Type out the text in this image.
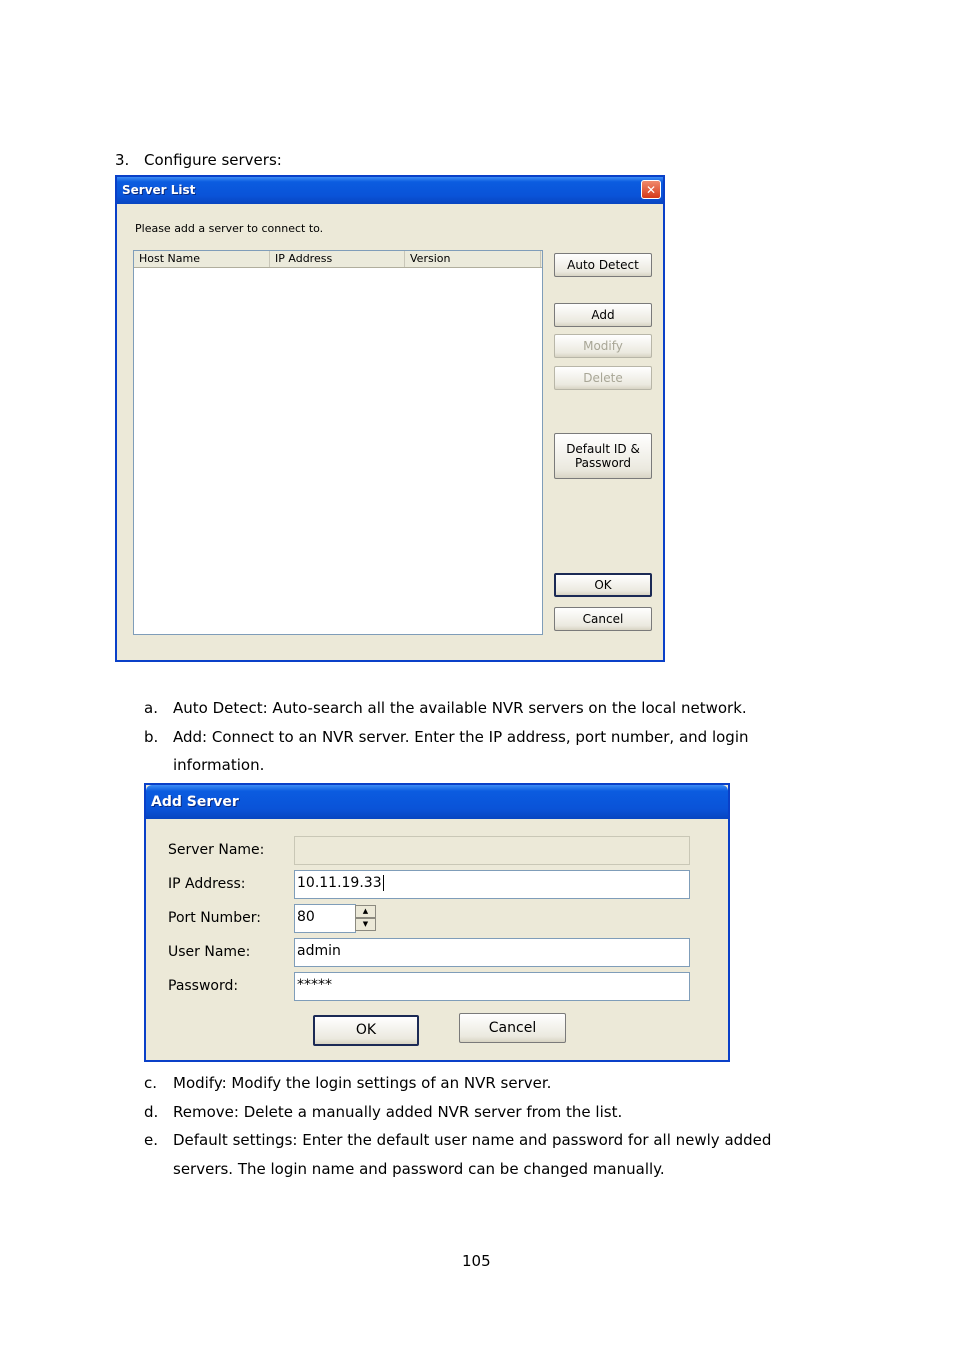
3. Configure servers:
Server List	✕
Please add a server to connect to.
Host Name	IP Address	Version	Auto Detect
Add
Modify
Delete
Default ID &
Password
OK
Cancel
a. Auto Detect: Auto-search all the available NVR servers on the local network.
b. Add: Connect to an NVR server. Enter the IP address, port number, and login
information.
Add Server
Server Name:
IP Address:	10.11.19.33
Port Number:	80	▲
▼
User Name:	admin
Password:	*****
OK	Cancel
c. Modify: Modify the login settings of an NVR server.
d. Remove: Delete a manually added NVR server from the list.
e. Default settings: Enter the default user name and password for all newly added
servers. The login name and password can be changed manually.
105
